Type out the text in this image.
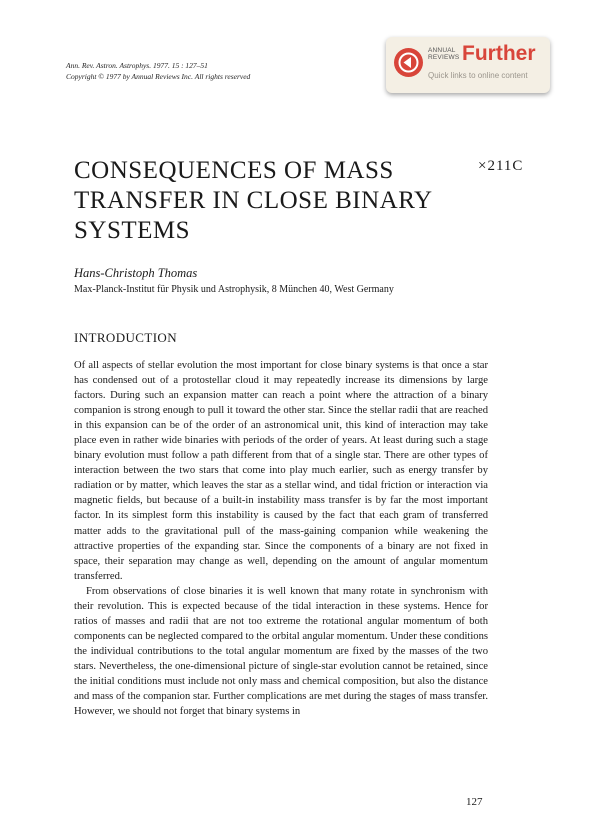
Ann. Rev. Astron. Astrophys. 1977. 15 : 127–51
Copyright © 1977 by Annual Reviews Inc. All rights reserved
ANNUAL
REVIEWS Further
Quick links to online content
CONSEQUENCES OF MASS
TRANSFER IN CLOSE BINARY
SYSTEMS
×211C
Hans-Christoph Thomas
Max-Planck-Institut für Physik und Astrophysik, 8 München 40, West Germany
INTRODUCTION

Of all aspects of stellar evolution the most important for close binary systems is that once a star has condensed out of a protostellar cloud it may repeatedly increase its dimensions by large factors. During such an expansion matter can reach a point where the attraction of a binary companion is strong enough to pull it toward the other star. Since the stellar radii that are reached in this expansion can be of the order of an astronomical unit, this kind of interaction may take place even in rather wide binaries with periods of the order of years. At least during such a stage binary evolution must follow a path different from that of a single star. There are other types of interaction between the two stars that come into play much earlier, such as energy transfer by radiation or by matter, which leaves the star as a stellar wind, and tidal friction or interaction via magnetic fields, but because of a built-in instability mass transfer is by far the most important factor. In its simplest form this instability is caused by the fact that each gram of transferred matter adds to the gravitational pull of the mass-gaining companion while weakening the attractive properties of the expanding star. Since the components of a binary are not fixed in space, their separation may change as well, depending on the amount of angular momentum transferred.

From observations of close binaries it is well known that many rotate in synchronism with their revolution. This is expected because of the tidal interaction in these systems. Hence for ratios of masses and radii that are not too extreme the rotational angular momentum of both components can be neglected compared to the orbital angular momentum. Under these conditions the individual contributions to the total angular momentum are fixed by the masses of the two stars. Nevertheless, the one-dimensional picture of single-star evolution cannot be retained, since the initial conditions must include not only mass and chemical composition, but also the distance and mass of the companion star. Further complications are met during the stages of mass transfer. However, we should not forget that binary systems in

127
